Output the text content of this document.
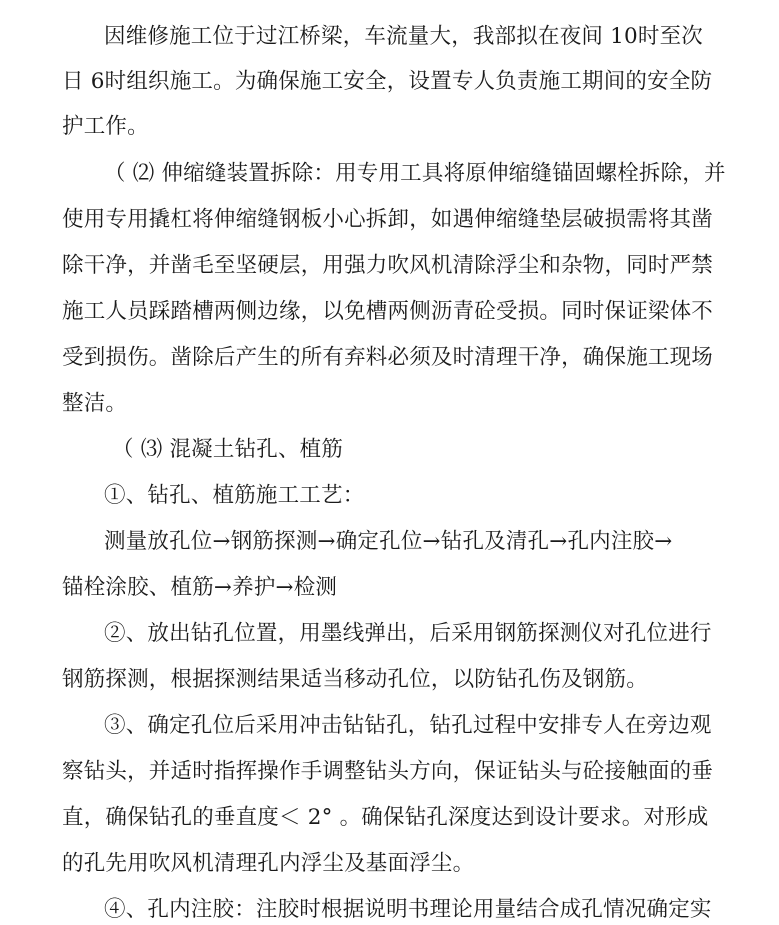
因维修施工位于过江桥梁，车流量大，我部拟在夜间 10时至次
日 6时组织施工。为确保施工安全，设置专人负责施工期间的安全防
护工作。
（ ⑵ 伸缩缝装置拆除：用专用工具将原伸缩缝锚固螺栓拆除，并
使用专用撬杠将伸缩缝钢板小心拆卸，如遇伸缩缝垫层破损需将其凿
除干净，并凿毛至坚硬层，用强力吹风机清除浮尘和杂物，同时严禁
施工人员踩踏槽两侧边缘，以免槽两侧沥青砼受损。同时保证梁体不
受到损伤。凿除后产生的所有弃料必须及时清理干净，确保施工现场
整洁。
（ ⑶ 混凝土钻孔、植筋
①、钻孔、植筋施工工艺：
测量放孔位→钢筋探测→确定孔位→钻孔及清孔→孔内注胶→
锚栓涂胶、植筋→养护→检测
②、放出钻孔位置，用墨线弹出，后采用钢筋探测仪对孔位进行
钢筋探测，根据探测结果适当移动孔位，以防钻孔伤及钢筋。
③、确定孔位后采用冲击钻钻孔，钻孔过程中安排专人在旁边观
察钻头，并适时指挥操作手调整钻头方向，保证钻头与砼接触面的垂
直，确保钻孔的垂直度＜ 2° 。确保钻孔深度达到设计要求。对形成
的孔先用吹风机清理孔内浮尘及基面浮尘。
④、孔内注胶：注胶时根据说明书理论用量结合成孔情况确定实
